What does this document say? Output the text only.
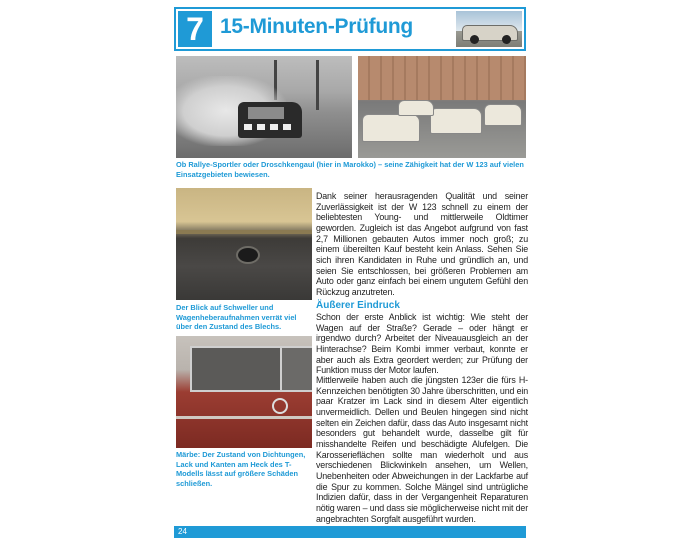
7 15-Minuten-Prüfung
Ob Rallye-Sportler oder Droschkengaul (hier in Marokko) – seine Zähigkeit hat der W 123 auf vielen Einsatzgebieten bewiesen.
Der Blick auf Schweller und Wagenheberaufnahmen verrät viel über den Zustand des Blechs.
Märbe: Der Zustand von Dichtungen, Lack und Kanten am Heck des T-Modells lässt auf größere Schäden schließen.

Dank seiner herausragenden Qualität und seiner Zuverlässigkeit ist der W 123 schnell zu einem der beliebtesten Young- und mittlerweile Oldtimer geworden. Zugleich ist das Angebot aufgrund von fast 2,7 Millionen gebauten Autos immer noch groß; zu einem übereilten Kauf besteht kein Anlass. Sehen Sie sich ihren Kandidaten in Ruhe und gründlich an, und seien Sie entschlossen, bei größeren Problemen am Auto oder ganz einfach bei einem ungutem Gefühl den Rückzug anzutreten.

Äußerer Eindruck

Schon der erste Anblick ist wichtig: Wie steht der Wagen auf der Straße? Gerade – oder hängt er irgendwo durch? Arbeitet der Niveauausgleich an der Hinterachse? Beim Kombi immer verbaut, konnte er aber auch als Extra geordert werden; zur Prüfung der Funktion muss der Motor laufen.

Mittlerweile haben auch die jüngsten 123er die fürs H-Kennzeichen benötigten 30 Jahre überschritten, und ein paar Kratzer im Lack sind in diesem Alter eigentlich unvermeidlich. Dellen und Beulen hingegen sind nicht selten ein Zeichen dafür, dass das Auto insgesamt nicht besonders gut behandelt wurde, dasselbe gilt für misshandelte Reifen und beschädigte Alufelgen. Die Karosserieflächen sollte man wiederholt und aus verschiedenen Blickwinkeln ansehen, um Wellen, Unebenheiten oder Abweichungen in der Lackfarbe auf die Spur zu kommen. Solche Mängel sind untrügliche Indizien dafür, dass in der Vergangenheit Reparaturen nötig waren – und dass sie möglicherweise nicht mit der angebrachten Sorgfalt ausgeführt wurden.

24
